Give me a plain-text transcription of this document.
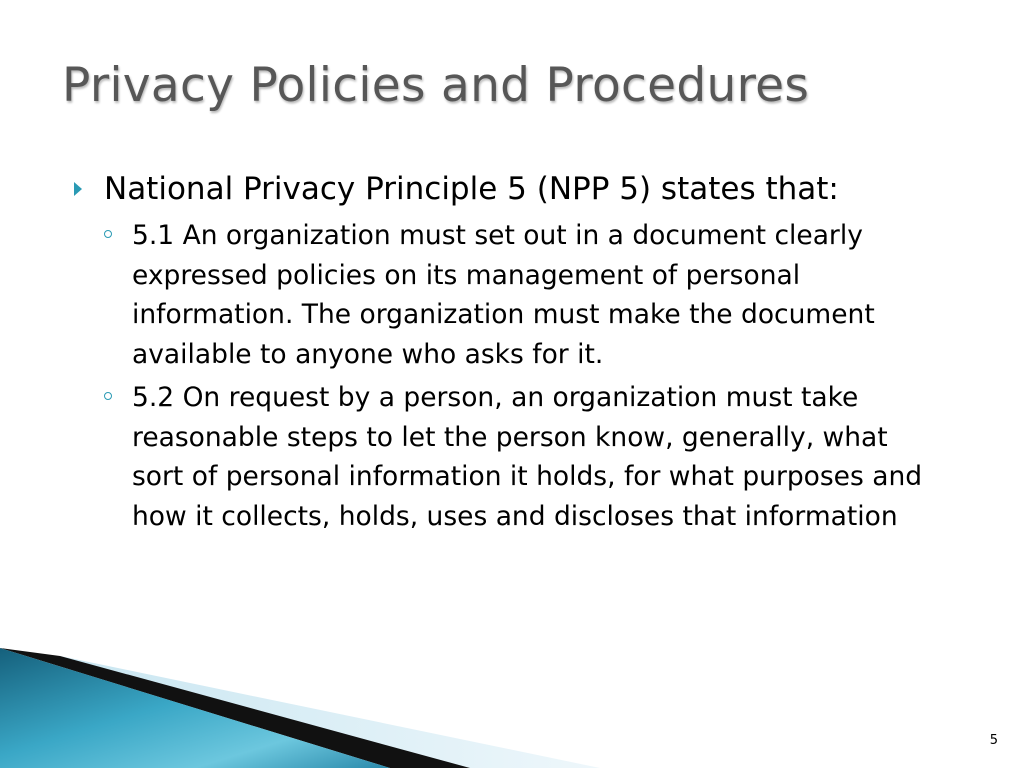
Privacy Policies and Procedures
National Privacy Principle 5 (NPP 5) states that:
5.1 An organization must set out in a document clearly expressed policies on its management of personal information. The organization must make the document available to anyone who asks for it.
5.2 On request by a person, an organization must take reasonable steps to let the person know, generally, what sort of personal information it holds, for what purposes and how it collects, holds, uses and discloses that information
5
